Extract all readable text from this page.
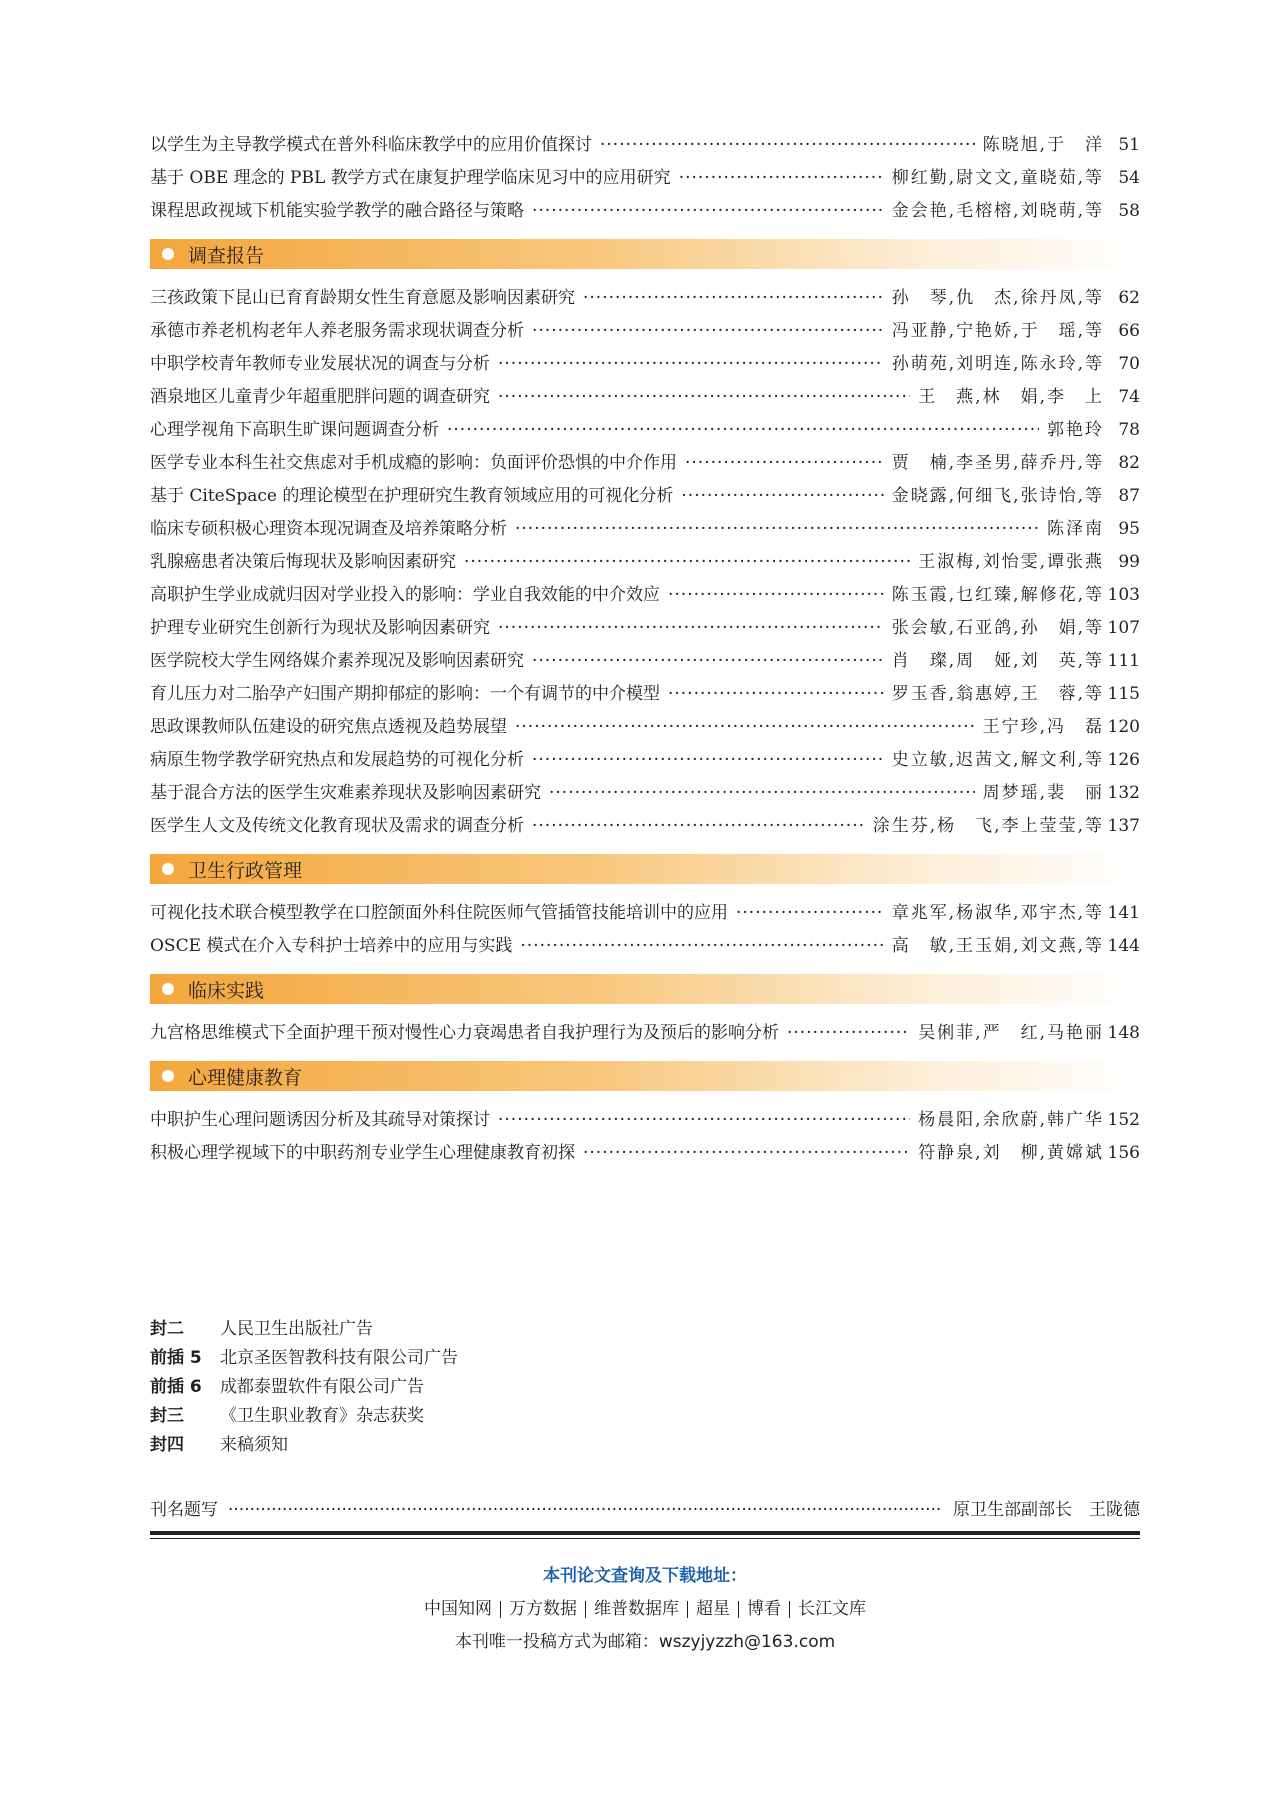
以学生为主导教学模式在普外科临床教学中的应用价值探讨 ·····	陈晓旭,于　洋 51
基于 OBE 理念的 PBL 教学方式在康复护理学临床见习中的应用研究 ·····	柳红勤,尉文文,童晓茹,等 54
课程思政视域下机能实验学教学的融合路径与策略 ·····	金会艳,毛榕榕,刘晓萌,等 58
调查报告
三孩政策下昆山已育育龄期女性生育意愿及影响因素研究 ·····	孙　琴,仇　杰,徐丹凤,等 62
承德市养老机构老年人养老服务需求现状调查分析 ·····	冯亚静,宁艳娇,于　瑶,等 66
中职学校青年教师专业发展状况的调查与分析 ·····	孙萌苑,刘明连,陈永玲,等 70
酒泉地区儿童青少年超重肥胖问题的调查研究 ·····	王　燕,林　娟,李　上 74
心理学视角下高职生旷课问题调查分析 ·····	郭艳玲 78
医学专业本科生社交焦虑对手机成瘾的影响：负面评价恐惧的中介作用 ·····	贾　楠,李圣男,薛乔丹,等 82
基于 CiteSpace 的理论模型在护理研究生教育领域应用的可视化分析 ·····	金晓露,何细飞,张诗怡,等 87
临床专硕积极心理资本现况调查及培养策略分析 ·····	陈泽南 95
乳腺癌患者决策后悔现状及影响因素研究 ·····	王淑梅,刘怡雯,谭张燕 99
高职护生学业成就归因对学业投入的影响：学业自我效能的中介效应 ·····	陈玉霞,乜红臻,解修花,等 103
护理专业研究生创新行为现状及影响因素研究 ·····	张会敏,石亚鸽,孙　娟,等 107
医学院校大学生网络媒介素养现况及影响因素研究 ·····	肖　璨,周　娅,刘　英,等 111
育儿压力对二胎孕产妇围产期抑郁症的影响：一个有调节的中介模型 ·····	罗玉香,翁惠婷,王　蓉,等 115
思政课教师队伍建设的研究焦点透视及趋势展望 ·····	王宁珍,冯　磊 120
病原生物学教学研究热点和发展趋势的可视化分析 ·····	史立敏,迟茜文,解文利,等 126
基于混合方法的医学生灾难素养现状及影响因素研究 ·····	周梦瑶,裴　丽 132
医学生人文及传统文化教育现状及需求的调查分析 ·····	涂生芬,杨　飞,李上莹莹,等 137
卫生行政管理
可视化技术联合模型教学在口腔颌面外科住院医师气管插管技能培训中的应用 ·····	章兆军,杨淑华,邓宇杰,等 141
OSCE 模式在介入专科护士培养中的应用与实践 ·····	高　敏,王玉娟,刘文燕,等 144
临床实践
九宫格思维模式下全面护理干预对慢性心力衰竭患者自我护理行为及预后的影响分析 ·····	吴俐菲,严　红,马艳丽 148
心理健康教育
中职护生心理问题诱因分析及其疏导对策探讨 ·····	杨晨阳,余欣蔚,韩广华 152
积极心理学视域下的中职药剂专业学生心理健康教育初探 ·····	符静泉,刘　柳,黄嫦斌 156
封二	人民卫生出版社广告
前插 5	北京圣医智教科技有限公司广告
前插 6	成都泰盟软件有限公司广告
封三	《卫生职业教育》杂志获奖
封四	来稿须知
刊名题写 ·····	原卫生部副部长　王陇德
本刊论文查询及下载地址：
中国知网 万方数据 维普数据库 超星 博看 长江文库
本刊唯一投稿方式为邮箱：wszyjyzzh@163.com
